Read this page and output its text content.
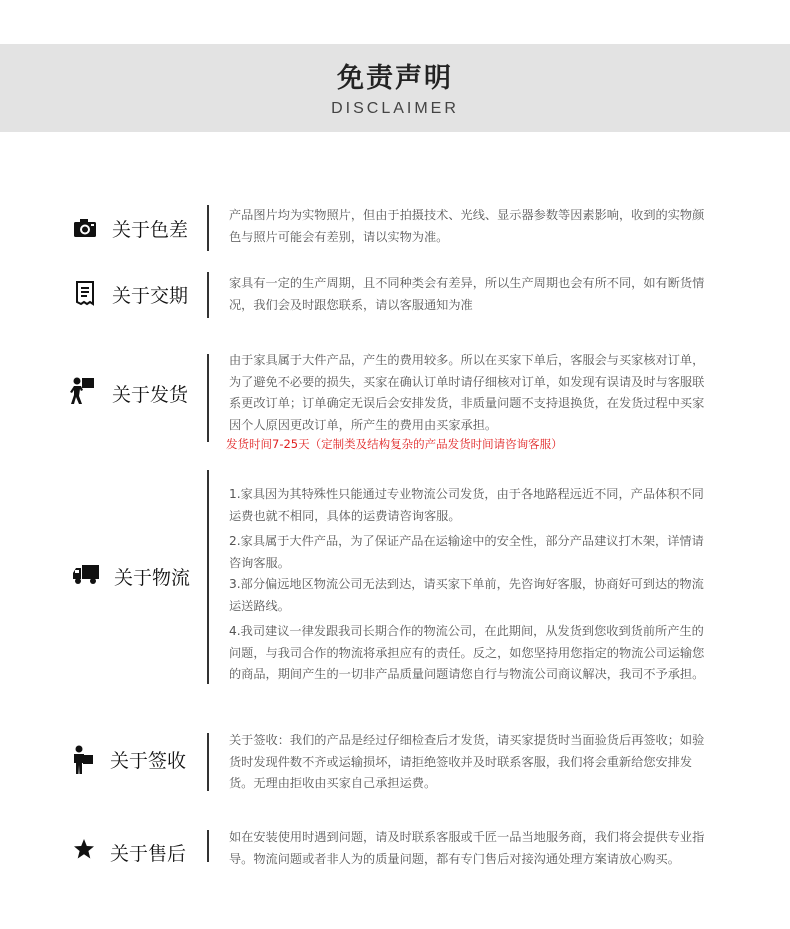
免责声明
DISCLAIMER
关于色差

产品图片均为实物照片，但由于拍摄技术、光线、显示器参数等因素影响，收到的实物颜色与照片可能会有差别，请以实物为准。

关于交期

家具有一定的生产周期，且不同种类会有差异，所以生产周期也会有所不同，如有断货情况，我们会及时跟您联系，请以客服通知为准

关于发货

由于家具属于大件产品，产生的费用较多。所以在买家下单后，客服会与买家核对订单，为了避免不必要的损失，买家在确认订单时请仔细核对订单，如发现有误请及时与客服联系更改订单；订单确定无误后会安排发货，非质量问题不支持退换货，在发货过程中买家因个人原因更改订单，所产生的费用由买家承担。

发货时间7-25天（定制类及结构复杂的产品发货时间请咨询客服）

关于物流

1.家具因为其特殊性只能通过专业物流公司发货，由于各地路程远近不同，产品体积不同运费也就不相同，具体的运费请咨询客服。

2.家具属于大件产品，为了保证产品在运输途中的安全性，部分产品建议打木架，详情请咨询客服。

3.部分偏远地区物流公司无法到达，请买家下单前，先咨询好客服，协商好可到达的物流运送路线。

4.我司建议一律发跟我司长期合作的物流公司，在此期间，从发货到您收到货前所产生的问题，与我司合作的物流将承担应有的责任。反之，如您坚持用您指定的物流公司运输您的商品，期间产生的一切非产品质量问题请您自行与物流公司商议解决，我司不予承担。

关于签收

关于签收：我们的产品是经过仔细检查后才发货，请买家提货时当面验货后再签收；如验货时发现件数不齐或运输损坏，请拒绝签收并及时联系客服，我们将会重新给您安排发货。无理由拒收由买家自己承担运费。

关于售后

如在安装使用时遇到问题，请及时联系客服或千匠一品当地服务商，我们将会提供专业指导。物流问题或者非人为的质量问题，都有专门售后对接沟通处理方案请放心购买。
